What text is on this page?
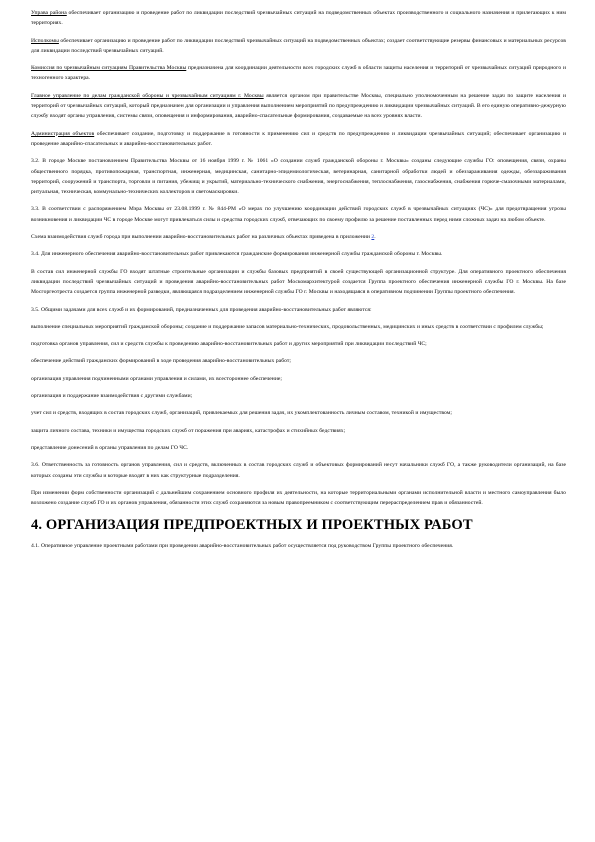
Управа района обеспечивает организацию и проведение работ по ликвидации последствий чрезвычайных ситуаций на подведомственных объектах производственного и социального назначения и прилегающих к ним территориях.

Исполкомы обеспечивает организацию и проведение работ по ликвидации последствий чрезвычайных ситуаций на подведомственных объектах; создает соответствующие резервы финансовых и материальных ресурсов для ликвидации последствий чрезвычайных ситуаций.

Комиссия по чрезвычайным ситуациям Правительства Москвы предназначена для координации деятельности всех городских служб в области защиты населения и территорий от чрезвычайных ситуаций природного и техногенного характера.

Главное управление по делам гражданской обороны и чрезвычайным ситуациям г. Москвы является органом при правительстве Москвы, специально уполномоченным на решение задач по защите населения и территорий от чрезвычайных ситуаций, который предназначен для организации и управления выполнением мероприятий по предупреждению и ликвидации чрезвычайных ситуаций. В его единую оперативно-дежурную службу входят органы управления, системы связи, оповещения и информирования, аварийно-спасательные формирования, создаваемые на всех уровнях власти.

Администрация объектов обеспечивает создание, подготовку и поддержание в готовности к применению сил и средств по предупреждению и ликвидации чрезвычайных ситуаций; обеспечивает организацию и проведение аварийно-спасательных и аварийно-восстановительных работ.

3.2. В городе Москве постановлением Правительства Москвы от 16 ноября 1999 г. № 1061 «О создании служб гражданской обороны г. Москвы» созданы следующие службы ГО: оповещения, связи, охраны общественного порядка, противопожарная, транспортная, инженерная, медицинская, санитарно-эпидемиологическая, ветеринарная, санитарной обработки людей и обеззараживания одежды, обеззараживания территорий, сооружений и транспорта, торговли и питания, убежищ и укрытий, материально-технического снабжения, энергоснабжения, теплоснабжения, газоснабжения, снабжения горюче-смазочными материалами, ритуальная, техническая, коммунально-технических коллекторов и светомаскировки.

3.3. В соответствии с распоряжением Мэра Москвы от 23.08.1999 г. № 844-РМ «О мерах по улучшению координации действий городских служб в чрезвычайных ситуациях (ЧС)» для предотвращения угрозы возникновения и ликвидации ЧС в городе Москве могут привлекаться силы и средства городских служб, отвечающих по своему профилю за решение поставленных перед ними сложных задач на любом объекте.

Схема взаимодействия служб города при выполнении аварийно-восстановительных работ на различных объектах приведена в приложении 2.

3.4. Для инженерного обеспечения аварийно-восстановительных работ привлекаются гражданские формирования инженерной службы гражданской обороны г. Москвы.

В состав сил инженерной службы ГО входят штатные строительные организации и службы базовых предприятий в своей существующей организационной структуре. Для оперативного проектного обеспечения ликвидации последствий чрезвычайных ситуаций и проведения аварийно-восстановительных работ Москомархитектурой создается Группа проектного обеспечения инженерной службы ГО г. Москвы. На базе Мосгоргеотреста создается группа инженерной разведки, являющаяся подразделением инженерной службы ГО г. Москвы и находящаяся в оперативном подчинении Группы проектного обеспечения.

3.5. Общими задачами для всех служб и их формирований, предназначенных для проведения аварийно-восстановительных работ являются:

выполнение специальных мероприятий гражданской обороны; создание и поддержание запасов материально-технических, продовольственных, медицинских и иных средств в соответствии с профилем службы;

подготовка органов управления, сил и средств службы к проведению аварийно-восстановительных работ и других мероприятий при ликвидации последствий ЧС;

обеспечение действий гражданских формирований в ходе проведения аварийно-восстановительных работ;

организация управления подчиненными органами управления и силами, их всестороннее обеспечение;

организация и поддержание взаимодействия с другими службами;

учет сил и средств, входящих в состав городских служб, организаций, привлекаемых для решения задач, их укомплектованность личным составом, техникой и имуществом;

защита личного состава, техники и имущества городских служб от поражения при авариях, катастрофах и стихийных бедствиях;

представление донесений в органы управления по делам ГО ЧС.

3.6. Ответственность за готовность органов управления, сил и средств, включенных в состав городских служб и объектовых формирований несут начальники служб ГО, а также руководители организаций, на базе которых созданы эти службы и которые входят в них как структурные подразделения.

При изменении форм собственности организаций с дальнейшим сохранением основного профиля их деятельности, на которые территориальными органами исполнительной власти и местного самоуправления было возложено создание служб ГО и их органов управления, обязанности этих служб сохраняются за новым правопреемником с соответствующим перераспределением прав и обязанностей.

4. ОРГАНИЗАЦИЯ ПРЕДПРОЕКТНЫХ И ПРОЕКТНЫХ РАБОТ

4.1. Оперативное управление проектными работами при проведении аварийно-восстановительных работ осуществляется под руководством Группы проектного обеспечения.
